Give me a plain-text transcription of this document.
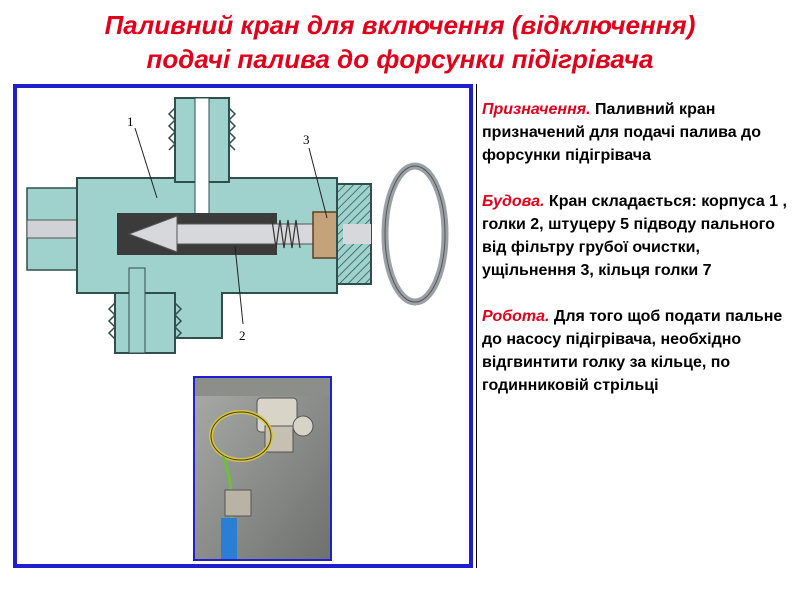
Паливний кран для включення (відключення)
подачі палива до форсунки підігрівача
1
2
3

Призначення. Паливний кран призначений для подачі палива до форсунки підігрівача

Будова. Кран складається: корпуса 1 , голки 2, штуцеру 5 підводу пального від фільтру грубої очистки, ущільнення 3, кільця голки 7

Робота. Для того щоб подати пальне до насосу підігрівача, необхідно відгвинтити голку за кільце, по годинниковій стрільці
